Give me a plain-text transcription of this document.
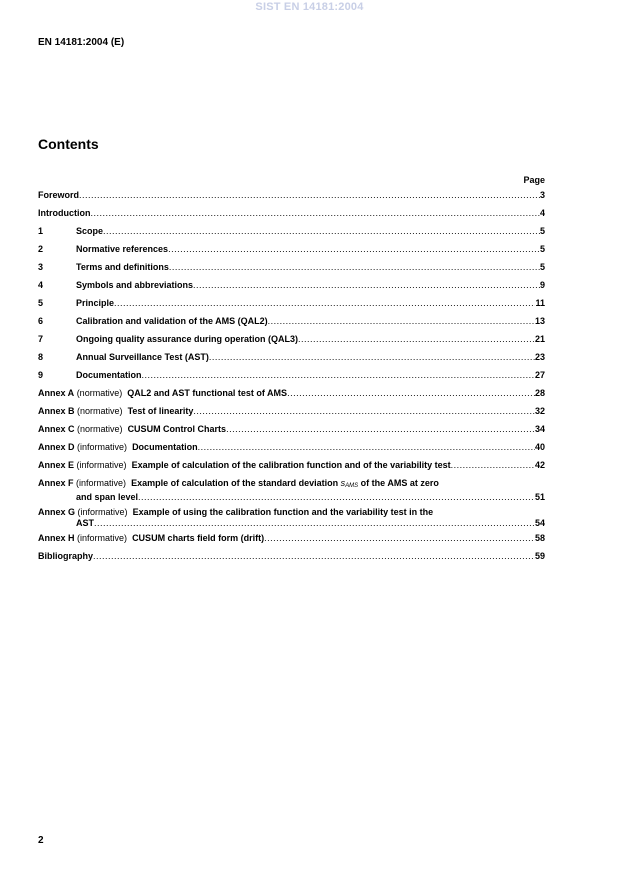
SIST EN 14181:2004
EN 14181:2004 (E)
Contents
Page
Foreword .....	3
Introduction .....	4
1	Scope .....	5
2	Normative references .....	5
3	Terms and definitions .....	5
4	Symbols and abbreviations .....	9
5	Principle .....	11
6	Calibration and validation of the AMS (QAL2) .....	13
7	Ongoing quality assurance during operation (QAL3) .....	21
8	Annual Surveillance Test (AST) .....	23
9	Documentation .....	27
Annex A (normative) QAL2 and AST functional test of AMS .....	28
Annex B (normative) Test of linearity .....	32
Annex C (normative) CUSUM Control Charts .....	34
Annex D (informative) Documentation .....	40
Annex E (informative) Example of calculation of the calibration function and of the variability test .....	42
Annex F (informative) Example of calculation of the standard deviation sAMS of the AMS at zero
and span level .....	51
Annex G (informative) Example of using the calibration function and the variability test in the
AST .....	54
Annex H (informative) CUSUM charts field form (drift) .....	58
Bibliography .....	59
2
